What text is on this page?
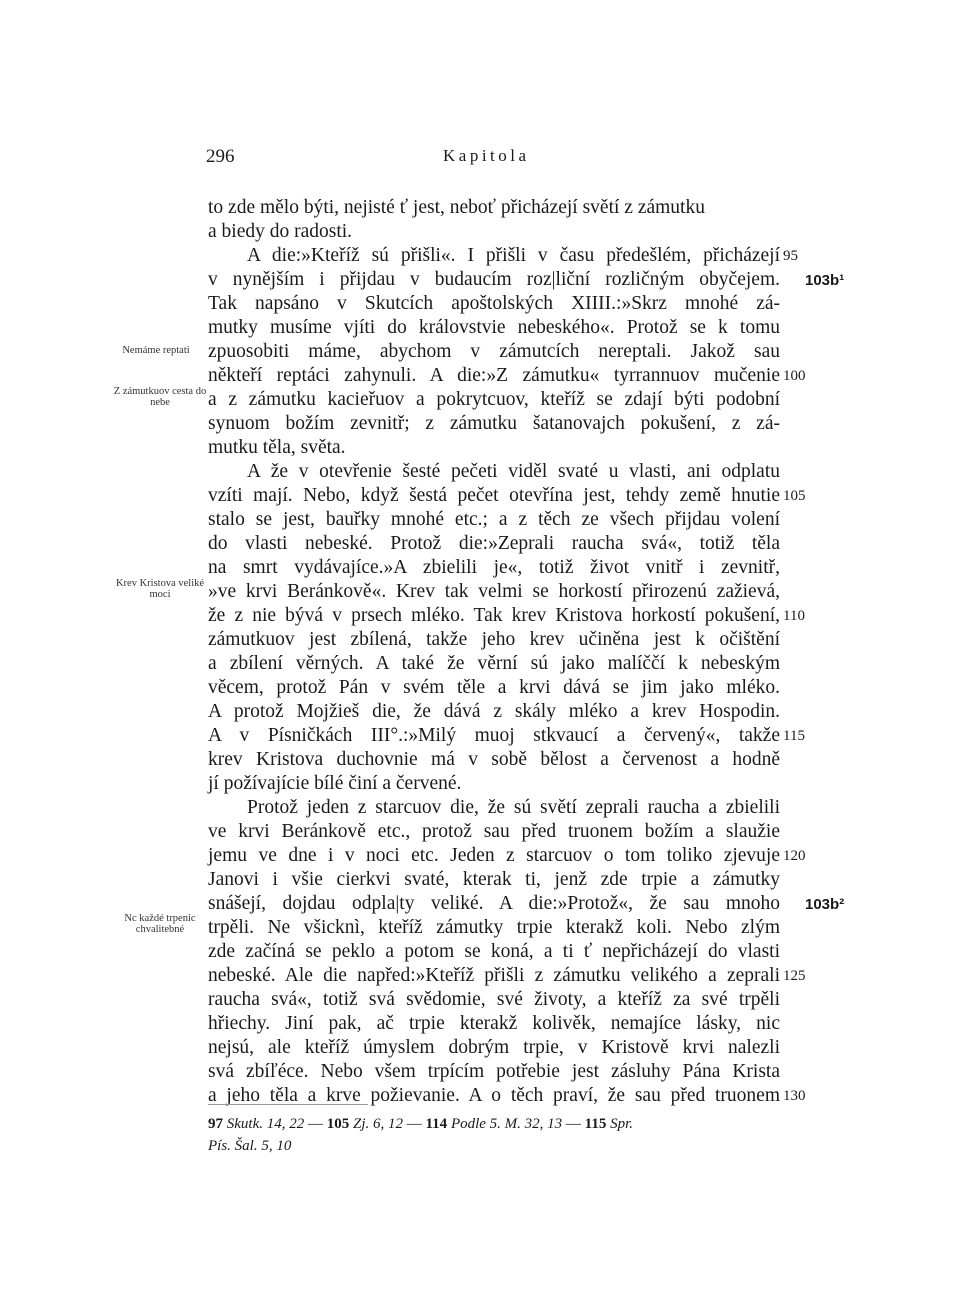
296	Kapitola
to zde mělo býti, nejisté ť jest, neboť přicházejí světí z zámutku
a biedy do radosti.
A die:»Kteříž sú přišli«. I přišli v času předešlém, přicházejí
v nynějším i přijdau v budaucím roz|liční rozličným obyčejem.
Tak napsáno v Skutcích apoštolských XIIII.:»Skrz mnohé zá-
mutky musíme vjíti do královstvie nebeského«. Protož se k tomu
zpuosobiti máme, abychom v zámutcích nereptali. Jakož sau
někteří reptáci zahynuli. A die:»Z zámutku« tyrrannuov mučenie
a z zámutku kacieřuov a pokrytcuov, kteříž se zdají býti podobní
synuom božím zevnitř; z zámutku šatanovajch pokušení, z zá-
mutku těla, světa.
A že v otevřenie šesté pečeti viděl svaté u vlasti, ani odplatu
vzíti mají. Nebo, když šestá pečet otevřína jest, tehdy země hnutie
stalo se jest, bauřky mnohé etc.; a z těch ze všech přijdau volení
do vlasti nebeské. Protož die:»Zeprali raucha svá«, totiž těla
na smrt vydávajíce.»A zbielili je«, totiž život vnitř i zevnitř,
»ve krvi Beránkově«. Krev tak velmi se horkostí přirozenú zažievá,
že z nie bývá v prsech mléko. Tak krev Kristova horkostí pokušení,
zámutkuov jest zbílená, takže jeho krev učiněna jest k očištění
a zbílení věrných. A také že věrní sú jako malíččí k nebeským
věcem, protož Pán v svém těle a krvi dává se jim jako mléko.
A protož Mojžieš die, že dává z skály mléko a krev Hospodin.
A v Písničkách III°.:»Milý muoj stkvaucí a červený«, takže
krev Kristova duchovnie má v sobě bělost a červenost a hodně
jí požívajície bílé činí a červené.
Protož jeden z starcuov die, že sú světí zeprali raucha a zbielili
ve krvi Beránkově etc., protož sau před truonem božím a slaužie
jemu ve dne i v noci etc. Jeden z starcuov o tom toliko zjevuje
Janovi i všie cierkvi svaté, kterak ti, jenž zde trpie a zámutky
snášejí, dojdau odpla|ty veliké. A die:»Protož«, že sau mnoho
trpěli. Ne všicknì, kteříž zámutky trpie kterakž koli. Nebo zlým
zde začíná se peklo a potom se koná, a ti ť nepřicházejí do vlasti
nebeské. Ale die napřed:»Kteříž přišli z zámutku velikého a zeprali
raucha svá«, totiž svá svědomie, své životy, a kteříž za své trpěli
hřiechy. Jiní pak, ač trpie kterakž kolivěk, nemajíce lásky, nic
nejsú, ale kteříž úmyslem dobrým trpie, v Kristově krvi nalezli
svá zbíľéce. Nebo všem trpícím potřebie jest zásluhy Pána Krista
a jeho těla a krve požievanie. A o těch praví, že sau před truonem
95
100
105
110
115
120
125
130
103b¹
103b²
Nemáme reptati
Z zámutkuov cesta do nebe
Krev Kristova veliké moci
Nc každé trpenic chvalitebné
97 Skutk. 14, 22 — 105 Zj. 6, 12 — 114 Podle 5. M. 32, 13 — 115 Spr.
Pís. Šal. 5, 10
